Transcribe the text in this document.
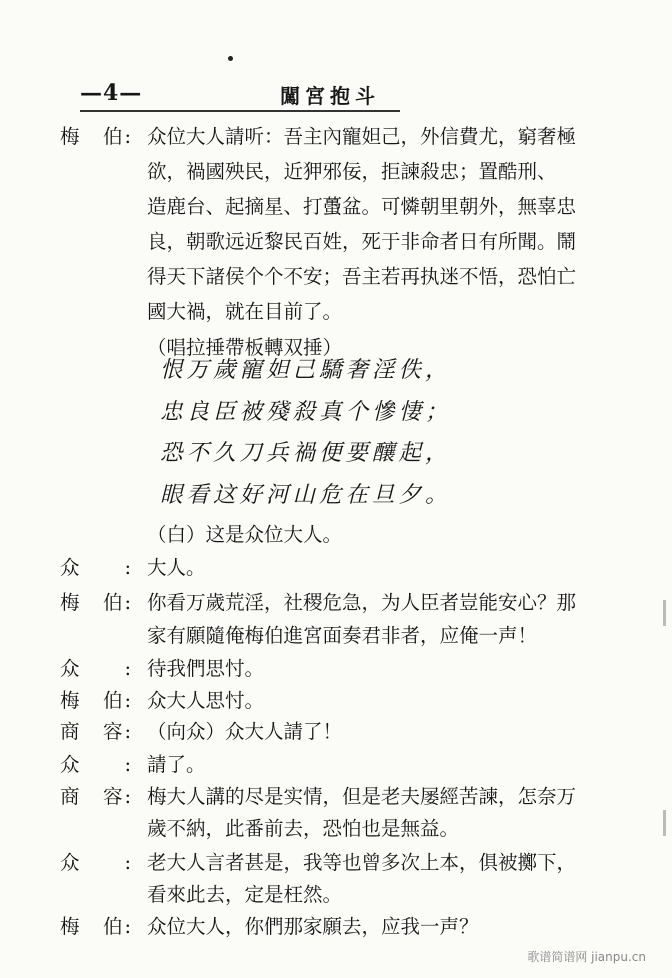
—4—	闖宮抱斗
梅　伯: 众位大人請听：吾主內寵妲己，外信費尤，窮奢極
欲，禍國殃民，近狎邪佞，拒諫殺忠；置酷刑、
造鹿台、起摘星、打蠆盆。可憐朝里朝外，無辜忠
良，朝歌远近黎民百姓，死于非命者日有所聞。鬧
得天下諸侯个个不安；吾主若再执迷不悟，恐怕亡
國大禍，就在目前了。
（唱拉捶帶板轉双捶）
恨万歲寵妲己驕奢淫佚，
忠良臣被殘殺真个慘悽；
恐不久刀兵禍便要釀起，
眼看这好河山危在旦夕。
（白）这是众位大人。
众　　: 大人。
梅　伯: 你看万歲荒淫，社稷危急，为人臣者豈能安心？那
家有願隨俺梅伯進宮面奏君非者，应俺一声！
众　　: 待我們思忖。
梅　伯: 众大人思忖。
商　容: （向众）众大人請了！
众　　: 請了。
商　容: 梅大人講的尽是实情，但是老夫屡經苦諫，怎奈万
歲不納，此番前去，恐怕也是無益。
众　　: 老大人言者甚是，我等也曾多次上本，俱被擲下，
看來此去，定是枉然。
梅　伯: 众位大人，你們那家願去，应我一声？
歌谱简谱网 jianpu.cn
